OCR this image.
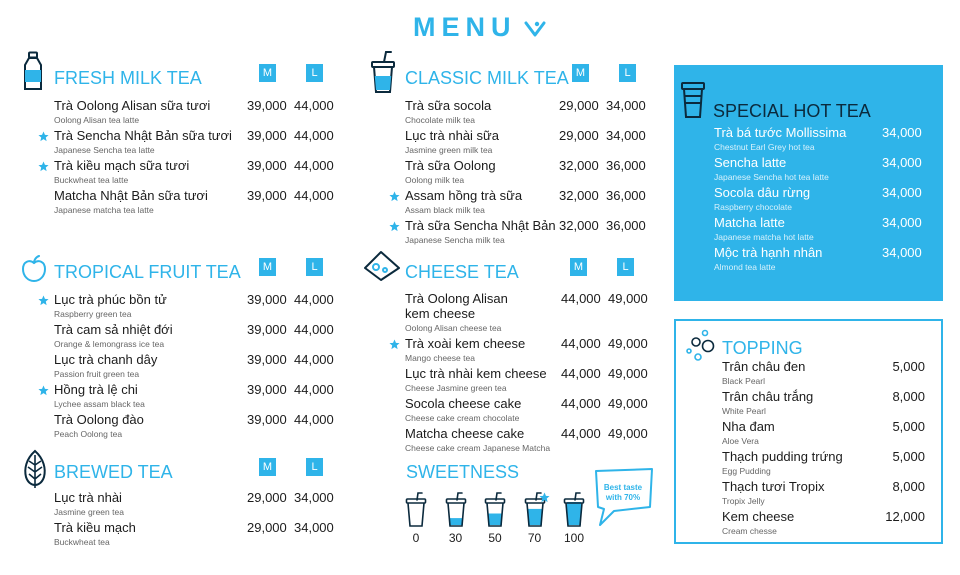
MENU
FRESH MILK TEA	M	L
Trà Oolong Alisan sữa tươi
Oolong Alisan tea latte
39,000 44,000
Trà Sencha Nhật Bản sữa tươi
Japanese Sencha tea latte
39,000 44,000
Trà kiều mạch sữa tươi
Buckwheat tea latte
39,000 44,000
Matcha Nhật Bản sữa tươi
Japanese matcha tea latte
39,000 44,000
TROPICAL FRUIT TEA	M	L
Lục trà phúc bồn tử
Raspberry green tea
39,000 44,000
Trà cam sả nhiệt đới
Orange & lemongrass ice tea
39,000 44,000
Lục trà chanh dây
Passion fruit green tea
39,000 44,000
Hồng trà lệ chi
Lychee assam black tea
39,000 44,000
Trà Oolong đào
Peach Oolong tea
39,000 44,000
BREWED TEA	M	L
Lục trà nhài
Jasmine green tea
29,000 34,000
Trà kiều mạch
Buckwheat tea
29,000 34,000
CLASSIC MILK TEA M	L
Trà sữa socola
Chocolate milk tea
29,000 34,000
Lục trà nhài sữa
Jasmine green milk tea
29,000 34,000
Trà sữa Oolong
Oolong milk tea
32,000 36,000
Assam hồng trà sữa
Assam black milk tea
32,000 36,000
Trà sữa Sencha Nhật Bản
Japanese Sencha milk tea
32,000 36,000
CHEESE TEA	M	L
Trà Oolong Alisan
kem cheese
Oolong Alisan cheese tea
44,000 49,000
Trà xoài kem cheese
Mango cheese tea
44,000 49,000
Lục trà nhài kem cheese
Cheese Jasmine green tea
44,000 49,000
Socola cheese cake
Cheese cake cream chocolate
44,000 49,000
Matcha cheese cake
Cheese cake cream Japanese Matcha
44,000 49,000
SWEETNESS
0	30	50	70	100
Best taste
with 70%
SPECIAL HOT TEA
Trà bá tước Mollissima
Chestnut Earl Grey hot tea
34,000
Sencha latte
Japanese Sencha hot tea latte
34,000
Socola dâu rừng
Raspberry chocolate
34,000
Matcha latte
Japanese matcha hot latte
34,000
Mộc trà hạnh nhân
Almond tea latte
34,000
TOPPING
Trân châu đen
Black Pearl
5,000
Trân châu trắng
White Pearl
8,000
Nha đam
Aloe Vera
5,000
Thạch pudding trứng
Egg Pudding
5,000
Thạch tươi Tropix
Tropix Jelly
8,000
Kem cheese
Cream chesse
12,000
